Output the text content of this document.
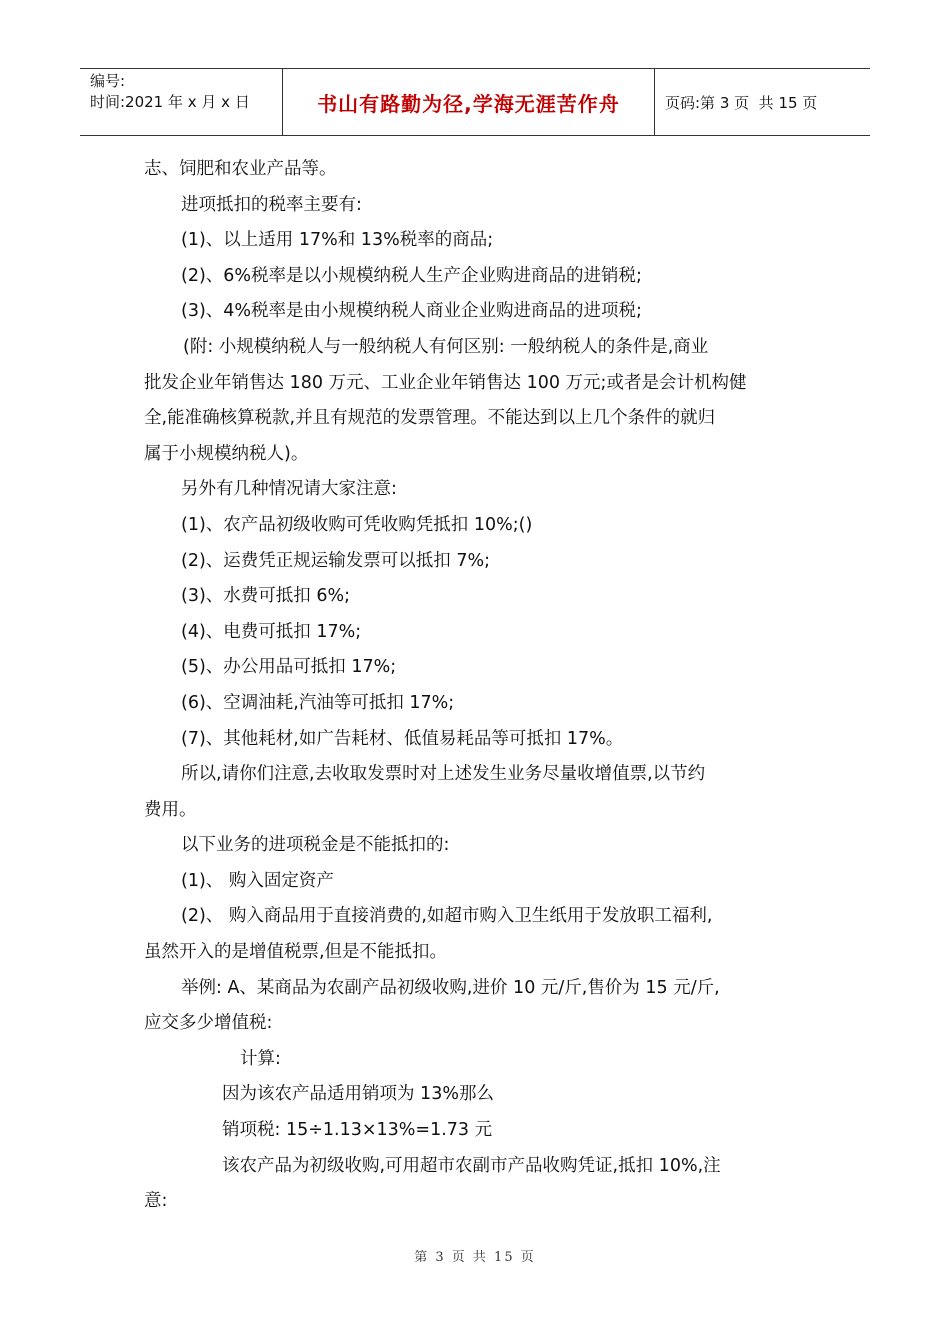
编号:
时间:2021 年 x 月 x 日	书山有路勤为径,学海无涯苦作舟	页码:第 3 页  共 15 页

志、饲肥和农业产品等。

进项抵扣的税率主要有:

(1)、以上适用 17%和 13%税率的商品;

(2)、6%税率是以小规模纳税人生产企业购进商品的进销税;

(3)、4%税率是由小规模纳税人商业企业购进商品的进项税;

(附: 小规模纳税人与一般纳税人有何区别: 一般纳税人的条件是,商业

批发企业年销售达 180 万元、工业企业年销售达 100 万元;或者是会计机构健

全,能准确核算税款,并且有规范的发票管理。不能达到以上几个条件的就归

属于小规模纳税人)。

另外有几种情况请大家注意:

(1)、农产品初级收购可凭收购凭抵扣 10%;()

(2)、运费凭正规运输发票可以抵扣 7%;

(3)、水费可抵扣 6%;

(4)、电费可抵扣 17%;

(5)、办公用品可抵扣 17%;

(6)、空调油耗,汽油等可抵扣 17%;

(7)、其他耗材,如广告耗材、低值易耗品等可抵扣 17%。

所以,请你们注意,去收取发票时对上述发生业务尽量收增值票,以节约

费用。

以下业务的进项税金是不能抵扣的:

(1)、 购入固定资产

(2)、 购入商品用于直接消费的,如超市购入卫生纸用于发放职工福利,

虽然开入的是增值税票,但是不能抵扣。

举例: A、某商品为农副产品初级收购,进价 10 元/斤,售价为 15 元/斤,

应交多少增值税:

计算:

因为该农产品适用销项为 13%那么

销项税: 15÷1.13×13%=1.73 元

该农产品为初级收购,可用超市农副市产品收购凭证,抵扣 10%,注

意:

第 3 页 共 15 页
